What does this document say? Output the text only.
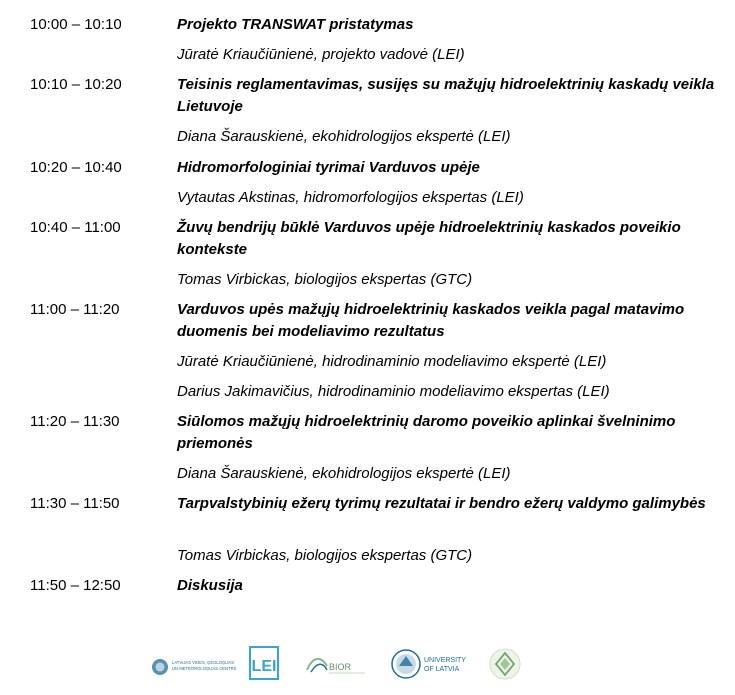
10:00 – 10:10	Projekto TRANSWAT pristatymas
Jūratė Kriaučiūnienė, projekto vadovė (LEI)
10:10 – 10:20	Teisinis reglamentavimas, susijęs su mažųjų hidroelektrinių kaskadų veikla Lietuvoje
Diana Šarauskienė, ekohidrologijos ekspertė (LEI)
10:20 – 10:40	Hidromorfologiniai tyrimai Varduvos upėje
Vytautas Akstinas, hidromorfologijos ekspertas (LEI)
10:40 – 11:00	Žuvų bendrijų būklė Varduvos upėje hidroelektrinių kaskados poveikio kontekste
Tomas Virbickas, biologijos ekspertas (GTC)
11:00 – 11:20	Varduvos upės mažųjų hidroelektrinių kaskados veikla pagal matavimo duomenis bei modeliavimo rezultatus
Jūratė Kriaučiūnienė, hidrodinaminio modeliavimo ekspertė (LEI)
Darius Jakimavičius, hidrodinaminio modeliavimo ekspertas (LEI)
11:20 – 11:30	Siūlomos mažųjų hidroelektrinių daromo poveikio aplinkai švelninimo priemonės
Diana Šarauskienė, ekohidrologijos ekspertė (LEI)
11:30 – 11:50	Tarpvalstybinių ežerų tyrimų rezultatai ir bendro ežerų valdymo galimybės
Tomas Virbickas, biologijos ekspertas (GTC)
11:50 – 12:50	Diskusija
LATVIJAS VIDES, ĢEOLOĢIJAS
UN METEOROLOĢIJAS CENTRS LEI	BIOR
UNIVERSITY
OF LATVIA
